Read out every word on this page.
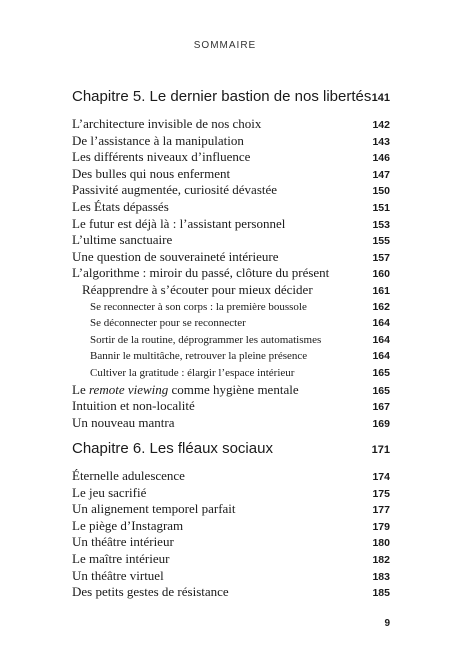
SOMMAIRE
Chapitre 5. Le dernier bastion de nos libertés 141
L’architecture invisible de nos choix	142
De l’assistance à la manipulation	143
Les différents niveaux d’influence	146
Des bulles qui nous enferment	147
Passivité augmentée, curiosité dévastée	150
Les États dépassés	151
Le futur est déjà là : l’assistant personnel	153
L’ultime sanctuaire	155
Une question de souveraineté intérieure	157
L’algorithme : miroir du passé, clôture du présent	160
Réapprendre à s’écouter pour mieux décider	161
Se reconnecter à son corps : la première boussole	162
Se déconnecter pour se reconnecter	164
Sortir de la routine, déprogrammer les automatismes	164
Bannir le multitâche, retrouver la pleine présence	164
Cultiver la gratitude : élargir l’espace intérieur	165
Le remote viewing comme hygiène mentale	165
Intuition et non-localité	167
Un nouveau mantra	169
Chapitre 6. Les fléaux sociaux	171
Éternelle adulescence	174
Le jeu sacrifié	175
Un alignement temporel parfait	177
Le piège d’Instagram	179
Un théâtre intérieur	180
Le maître intérieur	182
Un théâtre virtuel	183
Des petits gestes de résistance	185
9
